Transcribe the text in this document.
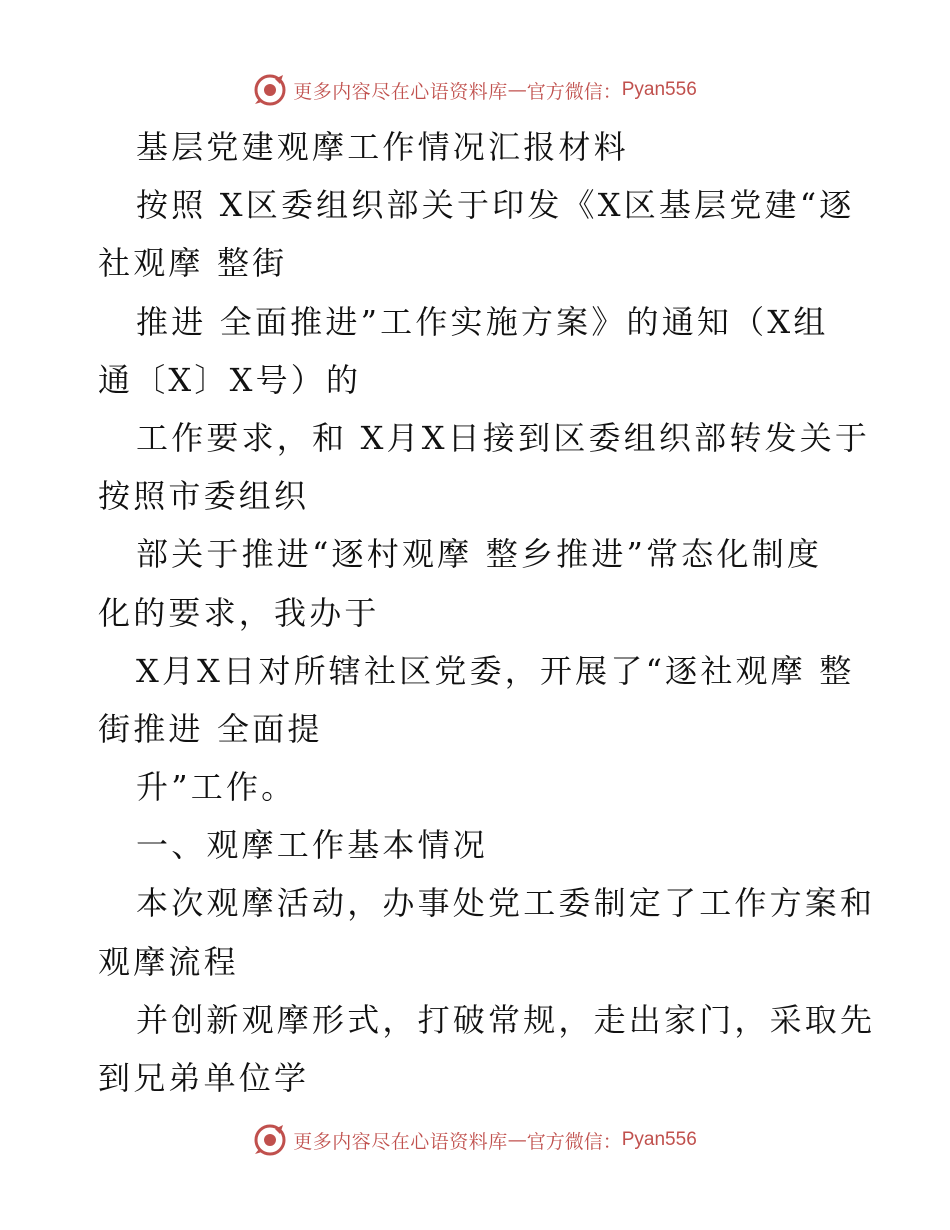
更多内容尽在心语资料库 — 官方微信： Pyan556
基层党建观摩工作情况汇报材料
按照 X区委组织部关于印发《X区基层党建“逐
社观摩 整街
推进 全面推进”工作实施方案》的通知（X组
通〔X〕X号）的
工作要求，和 X月X日接到区委组织部转发关于
按照市委组织
部关于推进“逐村观摩 整乡推进”常态化制度
化的要求，我办于
X月X日对所辖社区党委，开展了“逐社观摩 整
街推进 全面提
升”工作。
一、观摩工作基本情况
本次观摩活动，办事处党工委制定了工作方案和
观摩流程
并创新观摩形式，打破常规，走出家门，采取先
到兄弟单位学
更多内容尽在心语资料库 — 官方微信： Pyan556
